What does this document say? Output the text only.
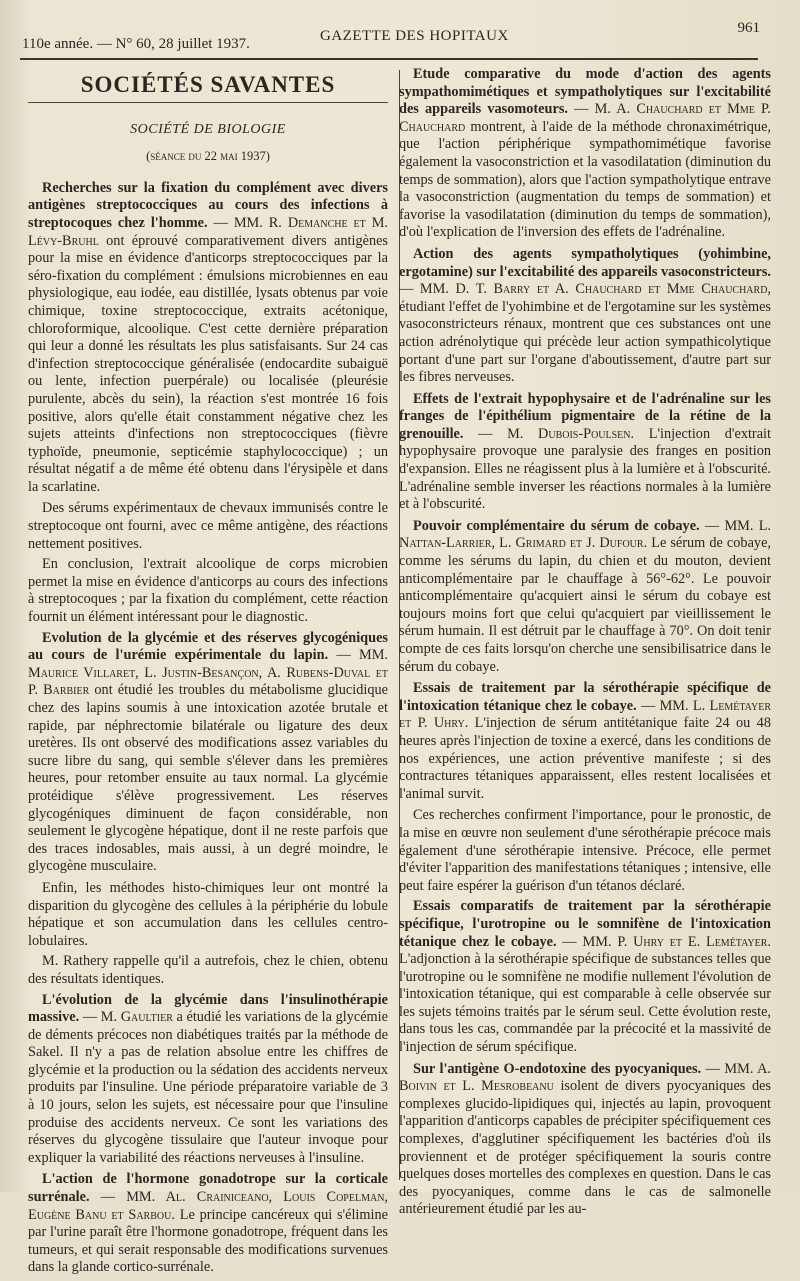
110e année. — N° 60, 28 juillet 1937.	GAZETTE DES HOPITAUX	961
SOCIÉTÉS SAVANTES
SOCIÉTÉ DE BIOLOGIE
(séance du 22 mai 1937)
Recherches sur la fixation du complément avec divers antigènes streptococciques au cours des infections à streptocoques chez l'homme. — MM. R. Demanche et M. Lévy-Bruhl ont éprouvé comparativement divers antigènes pour la mise en évidence d'anticorps streptococciques par la séro-fixation du complément : émulsions microbiennes en eau physiologique, eau iodée, eau distillée, lysats obtenus par voie chimique, toxine streptococcique, extraits acétonique, chloroformique, alcoolique. C'est cette dernière préparation qui leur a donné les résultats les plus satisfaisants. Sur 24 cas d'infection streptococcique généralisée (endocardite subaiguë ou lente, infection puerpérale) ou localisée (pleurésie purulente, abcès du sein), la réaction s'est montrée 16 fois positive, alors qu'elle était constamment négative chez les sujets atteints d'infections non streptococciques (fièvre typhoïde, pneumonie, septicémie staphylococcique) ; un résultat négatif a de même été obtenu dans l'érysipèle et dans la scarlatine.
Des sérums expérimentaux de chevaux immunisés contre le streptocoque ont fourni, avec ce même antigène, des réactions nettement positives.
En conclusion, l'extrait alcoolique de corps microbien permet la mise en évidence d'anticorps au cours des infections à streptocoques ; par la fixation du complément, cette réaction fournit un élément intéressant pour le diagnostic.
Evolution de la glycémie et des réserves glycogéniques au cours de l'urémie expérimentale du lapin. — MM. Maurice Villaret, L. Justin-Besançon, A. Rubens-Duval et P. Barbier ont étudié les troubles du métabolisme glucidique chez des lapins soumis à une intoxication azotée brutale et rapide, par néphrectomie bilatérale ou ligature des deux uretères. Ils ont observé des modifications assez variables du sucre libre du sang, qui semble s'élever dans les premières heures, pour retomber ensuite au taux normal. La glycémie protéidique s'élève progressivement. Les réserves glycogéniques diminuent de façon considérable, non seulement le glycogène hépatique, dont il ne reste parfois que des traces indosables, mais aussi, à un degré moindre, le glycogène musculaire.
Enfin, les méthodes histo-chimiques leur ont montré la disparition du glycogène des cellules à la périphérie du lobule hépatique et son accumulation dans les cellules centro-lobulaires.
M. Rathery rappelle qu'il a autrefois, chez le chien, obtenu des résultats identiques.
L'évolution de la glycémie dans l'insulinothérapie massive. — M. Gaultier a étudié les variations de la glycémie de déments précoces non diabétiques traités par la méthode de Sakel. Il n'y a pas de relation absolue entre les chiffres de glycémie et la production ou la sédation des accidents nerveux produits par l'insuline. Une période préparatoire variable de 3 à 10 jours, selon les sujets, est nécessaire pour que l'insuline produise des accidents nerveux. Ce sont les variations des réserves du glycogène tissulaire que l'auteur invoque pour expliquer la variabilité des réactions nerveuses à l'insuline.
L'action de l'hormone gonadotrope sur la corticale surrénale. — MM. Al. Crainiceano, Louis Copelman, Eugène Banu et Sarbou. Le principe cancéreux qui s'élimine par l'urine paraît être l'hormone gonadotrope, fréquent dans les tumeurs, et qui serait responsable des modifications survenues dans la glande cortico-surrénale.
Etude comparative du mode d'action des agents sympathomimétiques et sympatholytiques sur l'excitabilité des appareils vasomoteurs. — M. A. Chauchard et Mme P. Chauchard montrent, à l'aide de la méthode chronaximétrique, que l'action périphérique sympathomimétique favorise également la vasoconstriction et la vasodilatation (diminution du temps de sommation), alors que l'action sympatholytique entrave la vasoconstriction (augmentation du temps de sommation) et favorise la vasodilatation (diminution du temps de sommation), d'où l'explication de l'inversion des effets de l'adrénaline.
Action des agents sympatholytiques (yohimbine, ergotamine) sur l'excitabilité des appareils vasoconstricteurs. — MM. D. T. Barry et A. Chauchard et Mme Chauchard, étudiant l'effet de l'yohimbine et de l'ergotamine sur les systèmes vasoconstricteurs rénaux, montrent que ces substances ont une action adrénolytique qui précède leur action sympathicolytique portant d'une part sur l'organe d'aboutissement, d'autre part sur les fibres nerveuses.
Effets de l'extrait hypophysaire et de l'adrénaline sur les franges de l'épithélium pigmentaire de la rétine de la grenouille. — M. Dubois-Poulsen. L'injection d'extrait hypophysaire provoque une paralysie des franges en position d'expansion. Elles ne réagissent plus à la lumière et à l'obscurité. L'adrénaline semble inverser les réactions normales à la lumière et à l'obscurité.
Pouvoir complémentaire du sérum de cobaye. — MM. L. Nattan-Larrier, L. Grimard et J. Dufour. Le sérum de cobaye, comme les sérums du lapin, du chien et du mouton, devient anticomplémentaire par le chauffage à 56°-62°. Le pouvoir anticomplémentaire qu'acquiert ainsi le sérum du cobaye est toujours moins fort que celui qu'acquiert par vieillissement le sérum humain. Il est détruit par le chauffage à 70°. On doit tenir compte de ces faits lorsqu'on cherche une sensibilisatrice dans le sérum du cobaye.
Essais de traitement par la sérothérapie spécifique de l'intoxication tétanique chez le cobaye. — MM. L. Lemétayer et P. Uhry. L'injection de sérum antitétanique faite 24 ou 48 heures après l'injection de toxine a exercé, dans les conditions de nos expériences, une action préventive manifeste ; si des contractures tétaniques apparaissent, elles restent localisées et l'animal survit.
Ces recherches confirment l'importance, pour le pronostic, de la mise en œuvre non seulement d'une sérothérapie précoce mais également d'une sérothérapie intensive. Précoce, elle permet d'éviter l'apparition des manifestations tétaniques ; intensive, elle peut faire espérer la guérison d'un tétanos déclaré.
Essais comparatifs de traitement par la sérothérapie spécifique, l'urotropine ou le somnifène de l'intoxication tétanique chez le cobaye. — MM. P. Uhry et E. Lemétayer. L'adjonction à la sérothérapie spécifique de substances telles que l'urotropine ou le somnifène ne modifie nullement l'évolution de l'intoxication tétanique, qui est comparable à celle observée sur les sujets témoins traités par le sérum seul. Cette évolution reste, dans tous les cas, commandée par la précocité et la massivité de l'injection de sérum spécifique.
Sur l'antigène O-endotoxine des pyocyaniques. — MM. A. Boivin et L. Mesrobeanu isolent de divers pyocyaniques des complexes glucido-lipidiques qui, injectés au lapin, provoquent l'apparition d'anticorps capables de précipiter spécifiquement ces complexes, d'agglutiner spécifiquement les bactéries d'où ils proviennent et de protéger spécifiquement la souris contre quelques doses mortelles des complexes en question. Dans le cas des pyocyaniques, comme dans le cas de salmonelle antérieurement étudié par les au-
